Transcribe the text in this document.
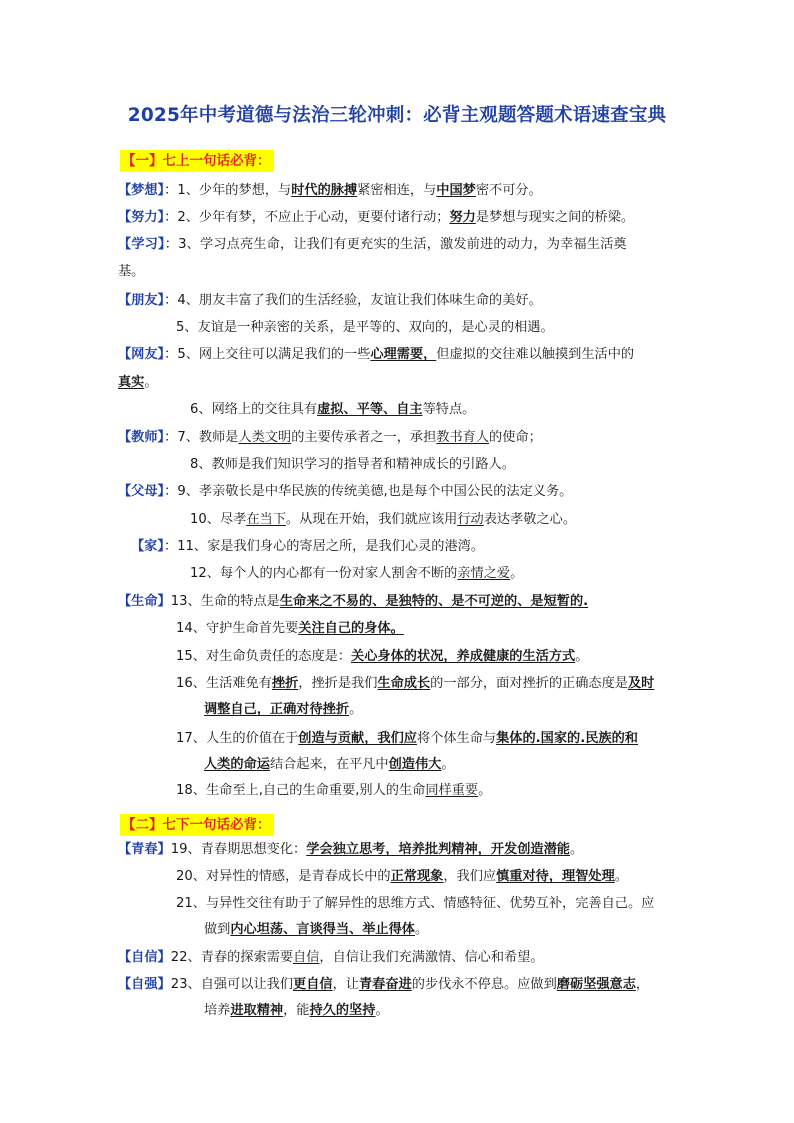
2025年中考道德与法治三轮冲刺：必背主观题答题术语速查宝典
【一】七上一句话必背：
【梦想】：1、少年的梦想，与时代的脉搏紧密相连，与中国梦密不可分。
【努力】：2、少年有梦，不应止于心动，更要付诸行动；努力是梦想与现实之间的桥梁。
【学习】：3、学习点亮生命，让我们有更充实的生活，激发前进的动力，为幸福生活奠
基。
【朋友】：4、朋友丰富了我们的生活经验，友谊让我们体味生命的美好。
5、友谊是一种亲密的关系，是平等的、双向的，是心灵的相遇。
【网友】：5、网上交往可以满足我们的一些心理需要，但虚拟的交往难以触摸到生活中的
真实。
6、网络上的交往具有虚拟、平等、自主等特点。
【教师】：7、教师是人类文明的主要传承者之一，承担教书育人的使命；
8、教师是我们知识学习的指导者和精神成长的引路人。
【父母】：9、孝亲敬长是中华民族的传统美德,也是每个中国公民的法定义务。
10、尽孝在当下。从现在开始，我们就应该用行动表达孝敬之心。
【家】：11、家是我们身心的寄居之所，是我们心灵的港湾。
12、每个人的内心都有一份对家人割舍不断的亲情之爱。
【生命】13、生命的特点是生命来之不易的、是独特的、是不可逆的、是短暂的.
14、守护生命首先要关注自己的身体。
15、对生命负责任的态度是：关心身体的状况，养成健康的生活方式。
16、生活难免有挫折，挫折是我们生命成长的一部分，面对挫折的正确态度是及时
调整自己，正确对待挫折。
17、人生的价值在于创造与贡献，我们应将个体生命与集体的.国家的.民族的和
人类的命运结合起来，在平凡中创造伟大。
18、生命至上,自己的生命重要,别人的生命同样重要。
【二】七下一句话必背：
【青春】19、青春期思想变化：学会独立思考，培养批判精神，开发创造潜能。
20、对异性的情感，是青春成长中的正常现象，我们应慎重对待，理智处理。
21、与异性交往有助于了解异性的思维方式、情感特征、优势互补，完善自己。应
做到内心坦荡、言谈得当、举止得体。
【自信】22、青春的探索需要自信，自信让我们充满激情、信心和希望。
【自强】23、自强可以让我们更自信，让青春奋进的步伐永不停息。应做到磨砺坚强意志，
培养进取精神，能持久的坚持。
